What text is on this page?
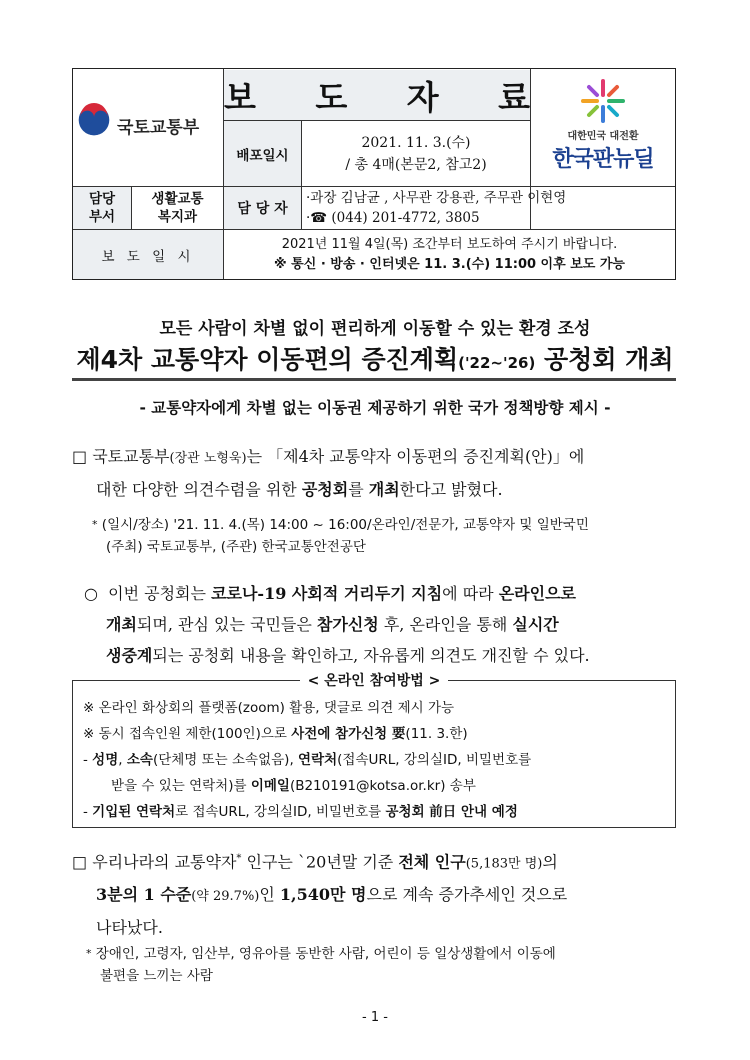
국토교통부
보 도 자 료
배포일시
2021. 11. 3.(수)
/ 총 4매(본문2, 참고2)
대한민국 대전환
한국판뉴딜
담당
부서
생활교통
복지과	담 당 자
·과장 김남균 , 사무관 강용관, 주무관 이현영
·☎ (044) 201-4772, 3805
보 도 일 시
2021년 11월 4일(목) 조간부터 보도하여 주시기 바랍니다.
※ 통신 · 방송 · 인터넷은 11. 3.(수) 11:00 이후 보도 가능
모든 사람이 차별 없이 편리하게 이동할 수 있는 환경 조성
제4차 교통약자 이동편의 증진계획('22~'26) 공청회 개최
- 교통약자에게 차별 없는 이동권 제공하기 위한 국가 정책방향 제시 -
□ 국토교통부(장관 노형욱)는 「제4차 교통약자 이동편의 증진계획(안)」에
대한 다양한 의견수렴을 위한 공청회를 개최한다고 밝혔다.
* (일시/장소) '21. 11. 4.(목) 14:00 ~ 16:00/온라인/전문가, 교통약자 및 일반국민
(주최) 국토교통부, (주관) 한국교통안전공단
○ 이번 공청회는 코로나-19 사회적 거리두기 지침에 따라 온라인으로
개최되며, 관심 있는 국민들은 참가신청 후, 온라인을 통해 실시간
생중계되는 공청회 내용을 확인하고, 자유롭게 의견도 개진할 수 있다.
< 온라인 참여방법 >
※ 온라인 화상회의 플랫폼(zoom) 활용, 댓글로 의견 제시 가능
※ 동시 접속인원 제한(100인)으로 사전에 참가신청 要(11. 3.한)
- 성명, 소속(단체명 또는 소속없음), 연락처(접속URL, 강의실ID, 비밀번호를
받을 수 있는 연락처)를 이메일(B210191@kotsa.or.kr) 송부
- 기입된 연락처로 접속URL, 강의실ID, 비밀번호를 공청회 前日 안내 예정
□ 우리나라의 교통약자* 인구는 `20년말 기준 전체 인구(5,183만 명)의
3분의 1 수준(약 29.7%)인 1,540만 명으로 계속 증가추세인 것으로
나타났다.
* 장애인, 고령자, 임산부, 영유아를 동반한 사람, 어린이 등 일상생활에서 이동에
불편을 느끼는 사람
- 1 -
